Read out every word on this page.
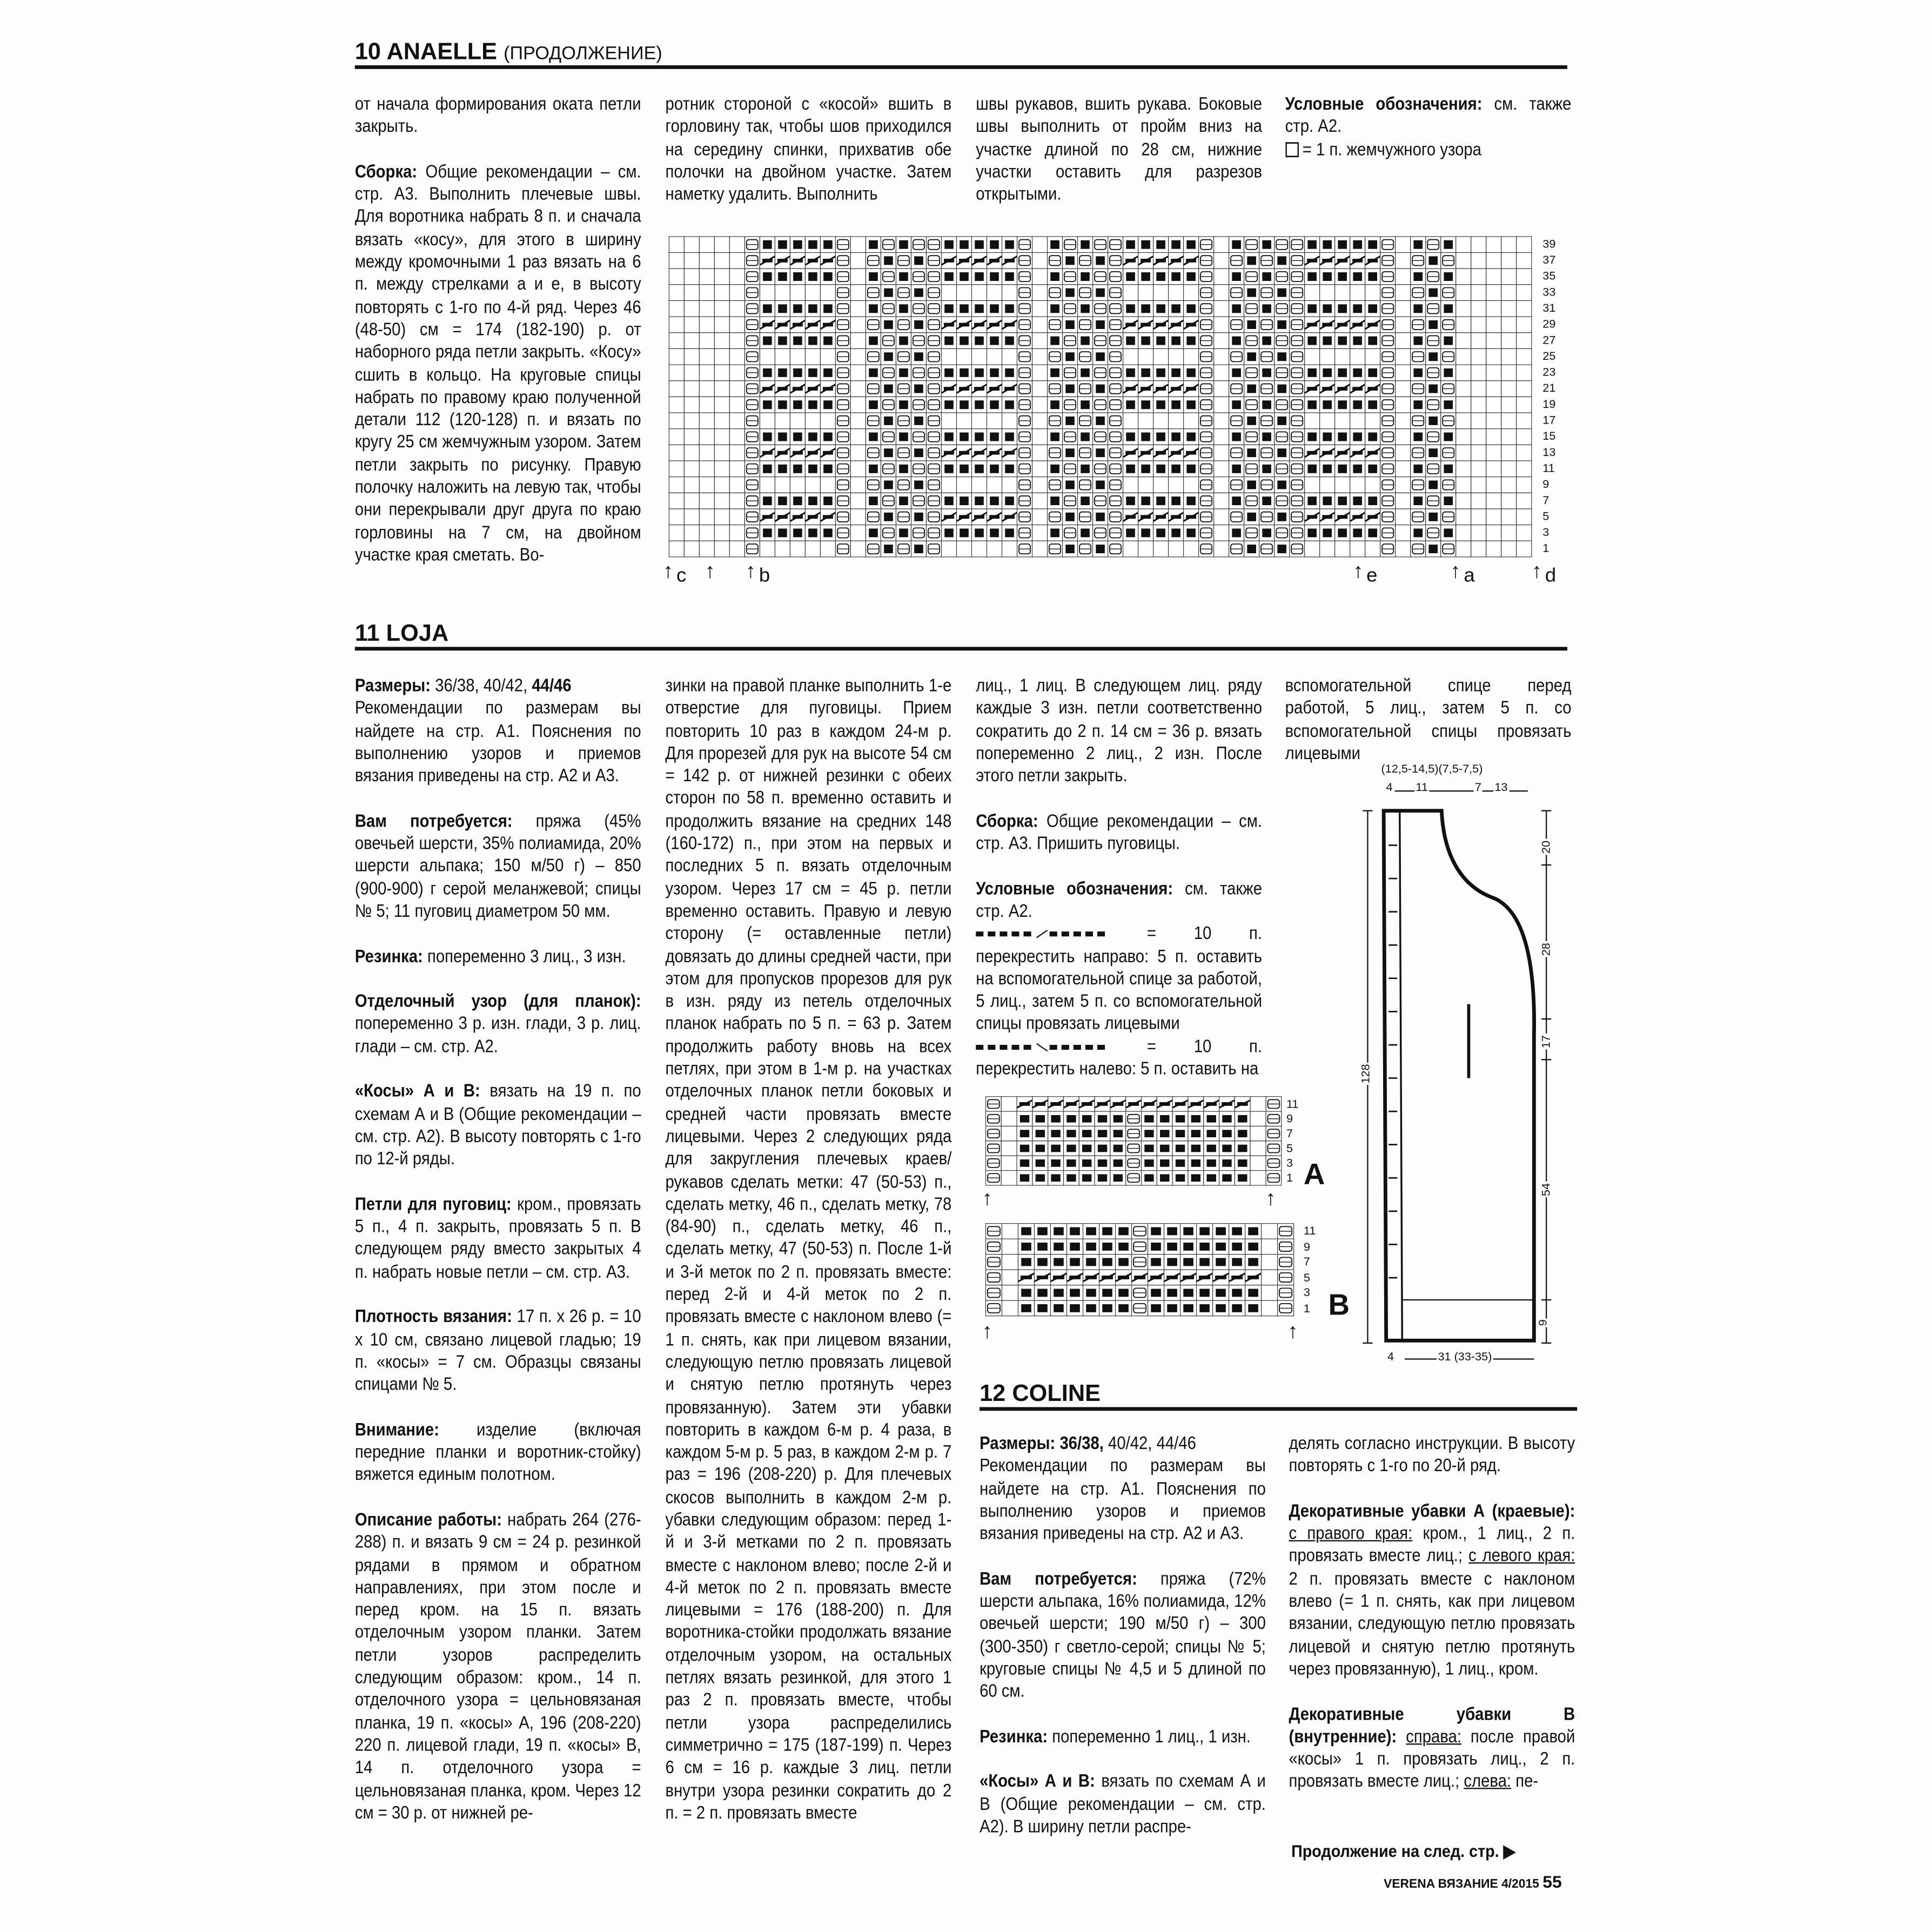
10 ANAELLE (ПРОДОЛЖЕНИЕ)

от начала формирования оката петли закрыть.

Сборка: Общие рекомендации – см. стр. А3. Выполнить плечевые швы. Для воротника набрать 8 п. и сначала вязать «косу», для этого в ширину между кромочными 1 раз вязать на 6 п. между стрелками а и е, в высоту повторять с 1-го по 4-й ряд. Через 46 (48-50) см = 174 (182-190) р. от наборного ряда петли закрыть. «Косу» сшить в кольцо. На круговые спицы набрать по правому краю полученной детали 112 (120-128) п. и вязать по кругу 25 см жемчужным узором. Затем петли закрыть по рисунку. Правую полочку наложить на левую так, чтобы они перекрывали друг друга по краю горловины на 7 см, на двойном участке края сметать. Во-

ротник стороной с «косой» вшить в горловину так, чтобы шов приходился на середину спинки, прихватив обе полочки на двойном участке. Затем наметку удалить. Выполнить

швы рукавов, вшить рукава. Боковые швы выполнить от пройм вниз на участке длиной по 28 см, нижние участки оставить для разрезов открытыми.

Условные обозначения: см. также стр. А2.
= 1 п. жемчужного узора

39
37
35
33
31
29
27
25
23
21
19
17
15
13
11
9
7
5
3
1
↑ c ↑	↑ b	↑ e	↑ a	↑ d
11 LOJA

Размеры: 36/38, 40/42, 44/46
Рекомендации по размерам вы найдете на стр. А1. Пояснения по выполнению узоров и приемов вязания приведены на стр. А2 и А3.

Вам потребуется: пряжа (45% овечьей шерсти, 35% полиамида, 20% шерсти альпака; 150 м/50 г) – 850 (900-900) г серой меланжевой; спицы № 5; 11 пуговиц диаметром 50 мм.

Резинка: попеременно 3 лиц., 3 изн.

Отделочный узор (для планок): попеременно 3 р. изн. глади, 3 р. лиц. глади – см. стр. А2.

«Косы» А и В: вязать на 19 п. по схемам А и В (Общие рекомендации – см. стр. А2). В высоту повторять с 1-го по 12-й ряды.

Петли для пуговиц: кром., провязать 5 п., 4 п. закрыть, провязать 5 п. В следующем ряду вместо закрытых 4 п. набрать новые петли – см. стр. А3.

Плотность вязания: 17 п. х 26 р. = 10 х 10 см, связано лицевой гладью; 19 п. «косы» = 7 см. Образцы связаны спицами № 5.

Внимание: изделие (включая передние планки и воротник-стойку) вяжется единым полотном.

Описание работы: набрать 264 (276-288) п. и вязать 9 см = 24 р. резинкой рядами в прямом и обратном направлениях, при этом после и перед кром. на 15 п. вязать отделочным узором планки. Затем петли узоров распределить следующим образом: кром., 14 п. отделочного узора = цельновязаная планка, 19 п. «косы» А, 196 (208-220) 220 п. лицевой глади, 19 п. «косы» В, 14 п. отделочного узора = цельновязаная планка, кром. Через 12 см = 30 р. от нижней ре-

зинки на правой планке выполнить 1-е отверстие для пуговицы. Прием повторить 10 раз в каждом 24-м р. Для прорезей для рук на высоте 54 см = 142 р. от нижней резинки с обеих сторон по 58 п. временно оставить и продолжить вязание на средних 148 (160-172) п., при этом на первых и последних 5 п. вязать отделочным узором. Через 17 см = 45 р. петли временно оставить. Правую и левую сторону (= оставленные петли) довязать до длины средней части, при этом для пропусков прорезов для рук в изн. ряду из петель отделочных планок набрать по 5 п. = 63 р. Затем продолжить работу вновь на всех петлях, при этом в 1-м р. на участках отделочных планок петли боковых и средней части провязать вместе лицевыми. Через 2 следующих ряда для закругления плечевых краев/рукавов сделать метки: 47 (50-53) п., сделать метку, 46 п., сделать метку, 78 (84-90) п., сделать метку, 46 п., сделать метку, 47 (50-53) п. После 1-й и 3-й меток по 2 п. провязать вместе: перед 2-й и 4-й меток по 2 п. провязать вместе с наклоном влево (= 1 п. снять, как при лицевом вязании, следующую петлю провязать лицевой и снятую петлю протянуть через провязанную). Затем эти убавки повторить в каждом 6-м р. 4 раза, в каждом 5-м р. 5 раз, в каждом 2-м р. 7 раз = 196 (208-220) р. Для плечевых скосов выполнить в каждом 2-м р. убавки следующим образом: перед 1-й и 3-й метками по 2 п. провязать вместе с наклоном влево; после 2-й и 4-й меток по 2 п. провязать вместе лицевыми = 176 (188-200) п. Для воротника-стойки продолжать вязание отделочным узором, на остальных петлях вязать резинкой, для этого 1 раз 2 п. провязать вместе, чтобы петли узора распределились симметрично = 175 (187-199) п. Через 6 см = 16 р. каждые 3 лиц. петли внутри узора резинки сократить до 2 п. = 2 п. провязать вместе

лиц., 1 лиц. В следующем лиц. ряду каждые 3 изн. петли соответственно сократить до 2 п. 14 см = 36 р. вязать попеременно 2 лиц., 2 изн. После этого петли закрыть.

Сборка: Общие рекомендации – см. стр. А3. Пришить пуговицы.

Условные обозначения: см. также стр. А2.
= 10 п. перекрестить направо: 5 п. оставить на вспомогательной спице за работой, 5 лиц., затем 5 п. со вспомогательной спицы провязать лицевыми
= 10 п. перекрестить налево: 5 п. оставить на

вспомогательной спице перед работой, 5 лиц., затем 5 п. со вспомогательной спицы провязать лицевыми

11
11
9
9
7
7
5
5
3
3
1
1
A
B
↑	↑
↑	↑
(12,5-14,5)(7,5-7,5)
4	11	7	13
128
20
28
17
54
9
4	31 (33-35)
12 COLINE

Размеры: 36/38, 40/42, 44/46
Рекомендации по размерам вы найдете на стр. А1. Пояснения по выполнению узоров и приемов вязания приведены на стр. А2 и А3.

Вам потребуется: пряжа (72% шерсти альпака, 16% полиамида, 12% овечьей шерсти; 190 м/50 г) – 300 (300-350) г светло-серой; спицы № 5; круговые спицы № 4,5 и 5 длиной по 60 см.

Резинка: попеременно 1 лиц., 1 изн.

«Косы» А и В: вязать по схемам А и В (Общие рекомендации – см. стр. А2). В ширину петли распре-

делять согласно инструкции. В высоту повторять с 1-го по 20-й ряд.

Декоративные убавки А (краевые): с правого края: кром., 1 лиц., 2 п. провязать вместе лиц.; с левого края: 2 п. провязать вместе с наклоном влево (= 1 п. снять, как при лицевом вязании, следующую петлю провязать лицевой и снятую петлю протянуть через провязанную), 1 лиц., кром.

Декоративные убавки В (внутренние): справа: после правой «косы» 1 п. провязать лиц., 2 п. провязать вместе лиц.; слева: пе-

Продолжение на след. стр. ▶
VERENA ВЯЗАНИЕ 4/2015 55
